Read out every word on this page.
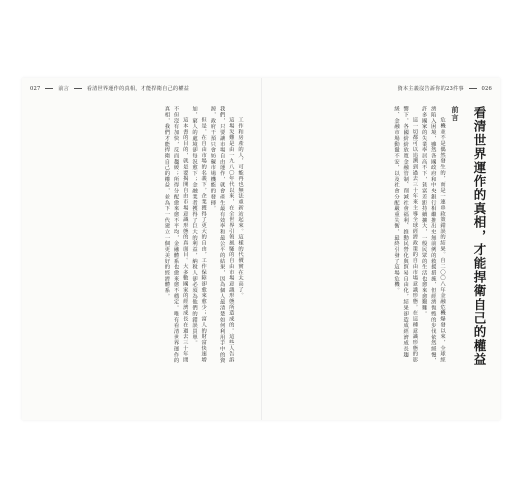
027	前言	看清世界運作的真相，才能捍衛自己的權益	資本主義沒告訴你的23件事	026

工作和房產的人，可能再也無法重新站起來。這樣的代價實在太高了。

這場災難是由一九八〇年代以來，在全世界引領風騷的自由市場意識形態所造成的。這些人告訴我們，只要讓市場自由運作，就會產生最有效率和最公平的結果，因為個人最清楚如何利用手中的資源，政府干預只會妨礙市場機能的發揮。

但是，在自由市場的名義下，企業獲得了更大的自由，工作保障卻愈來愈少；富人的財富快速增加，窮人的處境卻每況愈下；金融業者獲得了巨大的利益，納稅人卻必須為他們的錯誤買單。

這本書的目的，就是要揭開自由市場意識形態的真面目。大多數國家的經濟成長在過去三十年間不但沒有加快，反而趨緩；所得分配愈來愈不平均，金融體系也愈來愈不穩定。唯有看清世界運作的真相，我們才能捍衛自己的權益，並為下一代建立一個更美好的經濟體系。	看清世界運作的真相，才能捍衛自己的權益
前言

危機並不是偶然發生的，而是一連串政策錯誤的結果。自二〇〇八年金融危機爆發以來，全球經濟陷入困境，雖然各國政府和中央銀行相繼推出史無前例的救援措施，但經濟復甦的步伐依然緩慢，許多國家的失業率居高不下，貧富差距持續擴大，一般民眾的生活也愈來愈艱難。

這一切都可以追溯到過去三十年來主導全球經濟政策的自由市場意識形態。在這種意識形態的影響下，各國紛紛放寬金融管制、削減社會福利、推動民營化與貿易自由化，結果卻造成經濟成長趨緩、金融市場動盪不安，以及社會分配嚴重失衡，最終引發了這場危機。
